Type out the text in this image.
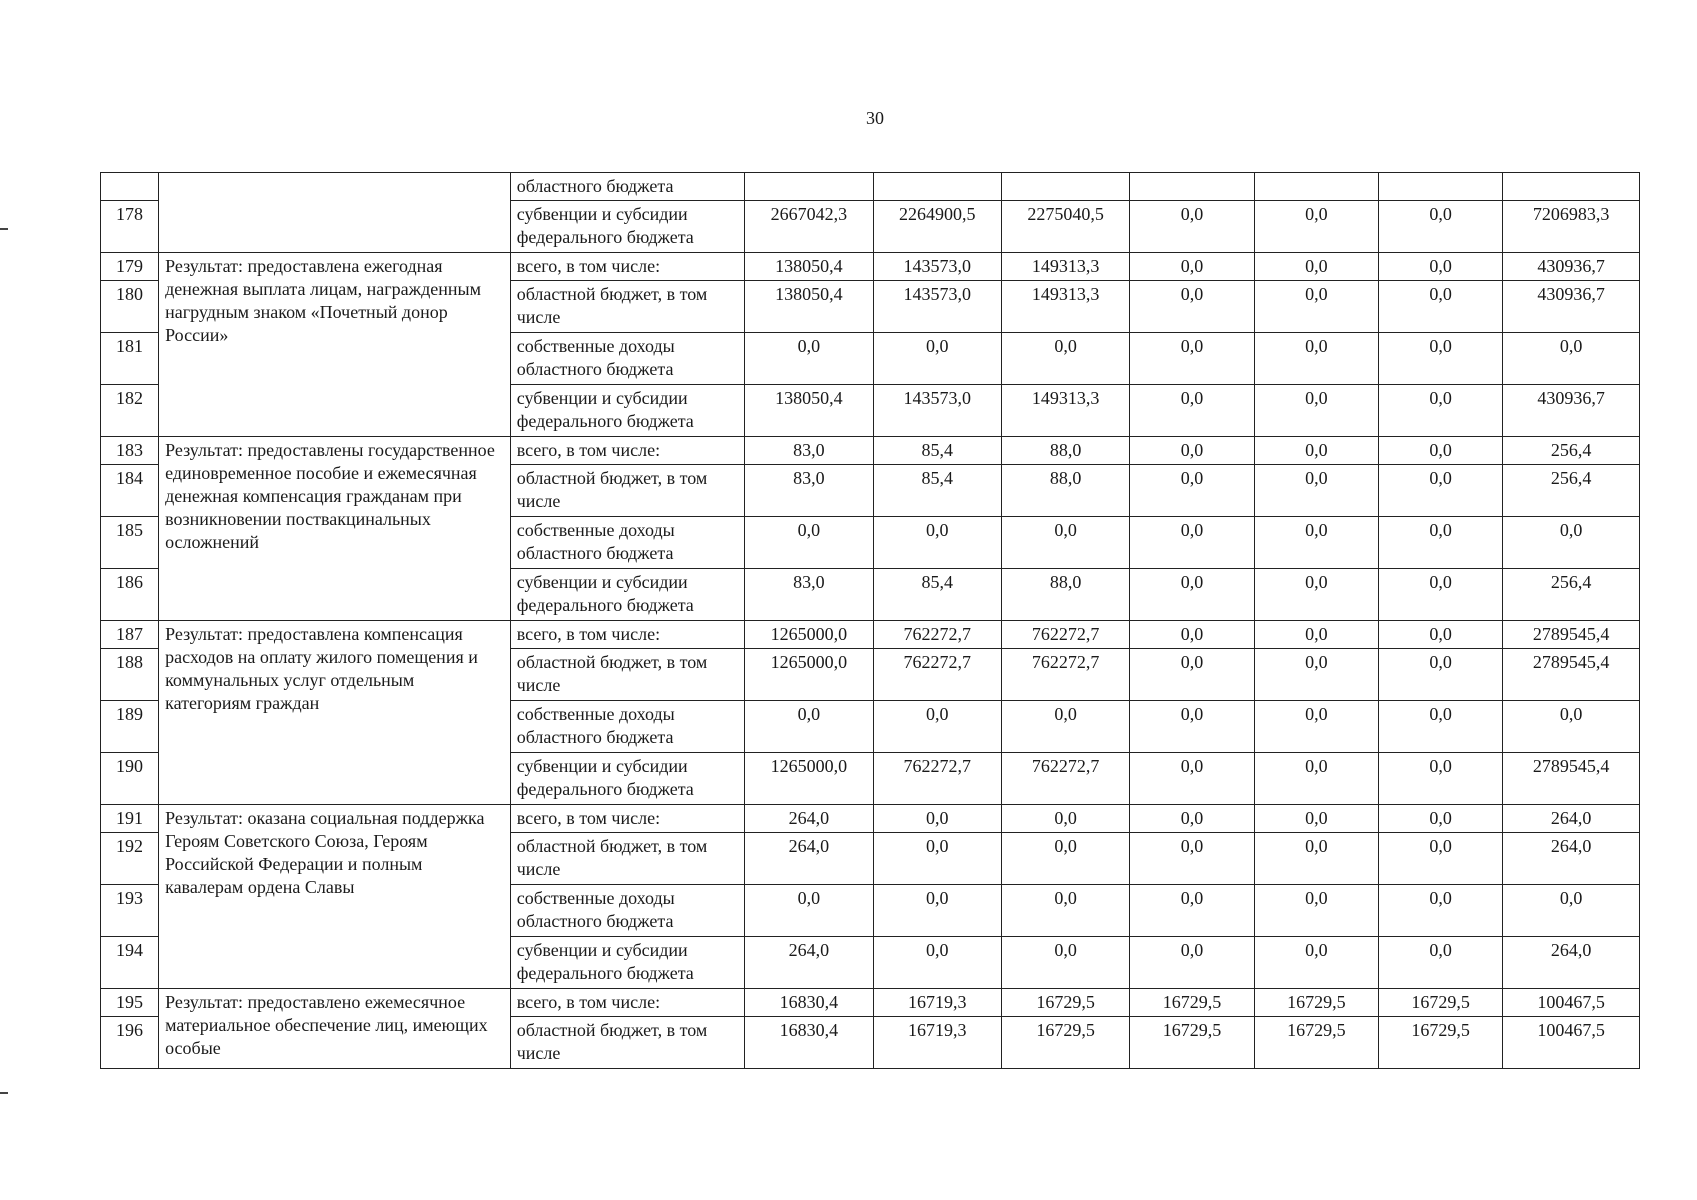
30
		областного бюджета							
178		субвенции и субсидии федерального бюджета	2667042,3	2264900,5	2275040,5	0,0	0,0	0,0	7206983,3
179	Результат: предоставлена ежегодная денежная выплата лицам, награжденным нагрудным знаком «Почетный донор России»	всего, в том числе:	138050,4	143573,0	149313,3	0,0	0,0	0,0	430936,7
180		областной бюджет, в том числе	138050,4	143573,0	149313,3	0,0	0,0	0,0	430936,7
181		собственные доходы областного бюджета	0,0	0,0	0,0	0,0	0,0	0,0	0,0
182		субвенции и субсидии федерального бюджета	138050,4	143573,0	149313,3	0,0	0,0	0,0	430936,7
183	Результат: предоставлены государственное единовременное пособие и ежемесячная денежная компенсация гражданам при возникновении поствакцинальных осложнений	всего, в том числе:	83,0	85,4	88,0	0,0	0,0	0,0	256,4
184		областной бюджет, в том числе	83,0	85,4	88,0	0,0	0,0	0,0	256,4
185		собственные доходы областного бюджета	0,0	0,0	0,0	0,0	0,0	0,0	0,0
186		субвенции и субсидии федерального бюджета	83,0	85,4	88,0	0,0	0,0	0,0	256,4
187	Результат: предоставлена компенсация расходов на оплату жилого помещения и коммунальных услуг отдельным категориям граждан	всего, в том числе:	1265000,0	762272,7	762272,7	0,0	0,0	0,0	2789545,4
188		областной бюджет, в том числе	1265000,0	762272,7	762272,7	0,0	0,0	0,0	2789545,4
189		собственные доходы областного бюджета	0,0	0,0	0,0	0,0	0,0	0,0	0,0
190		субвенции и субсидии федерального бюджета	1265000,0	762272,7	762272,7	0,0	0,0	0,0	2789545,4
191	Результат: оказана социальная поддержка Героям Советского Союза, Героям Российской Федерации и полным кавалерам ордена Славы	всего, в том числе:	264,0	0,0	0,0	0,0	0,0	0,0	264,0
192		областной бюджет, в том числе	264,0	0,0	0,0	0,0	0,0	0,0	264,0
193		собственные доходы областного бюджета	0,0	0,0	0,0	0,0	0,0	0,0	0,0
194		субвенции и субсидии федерального бюджета	264,0	0,0	0,0	0,0	0,0	0,0	264,0
195	Результат: предоставлено ежемесячное материальное обеспечение лиц, имеющих особые	всего, в том числе:	16830,4	16719,3	16729,5	16729,5	16729,5	16729,5	100467,5
196		областной бюджет, в том числе	16830,4	16719,3	16729,5	16729,5	16729,5	16729,5	100467,5
